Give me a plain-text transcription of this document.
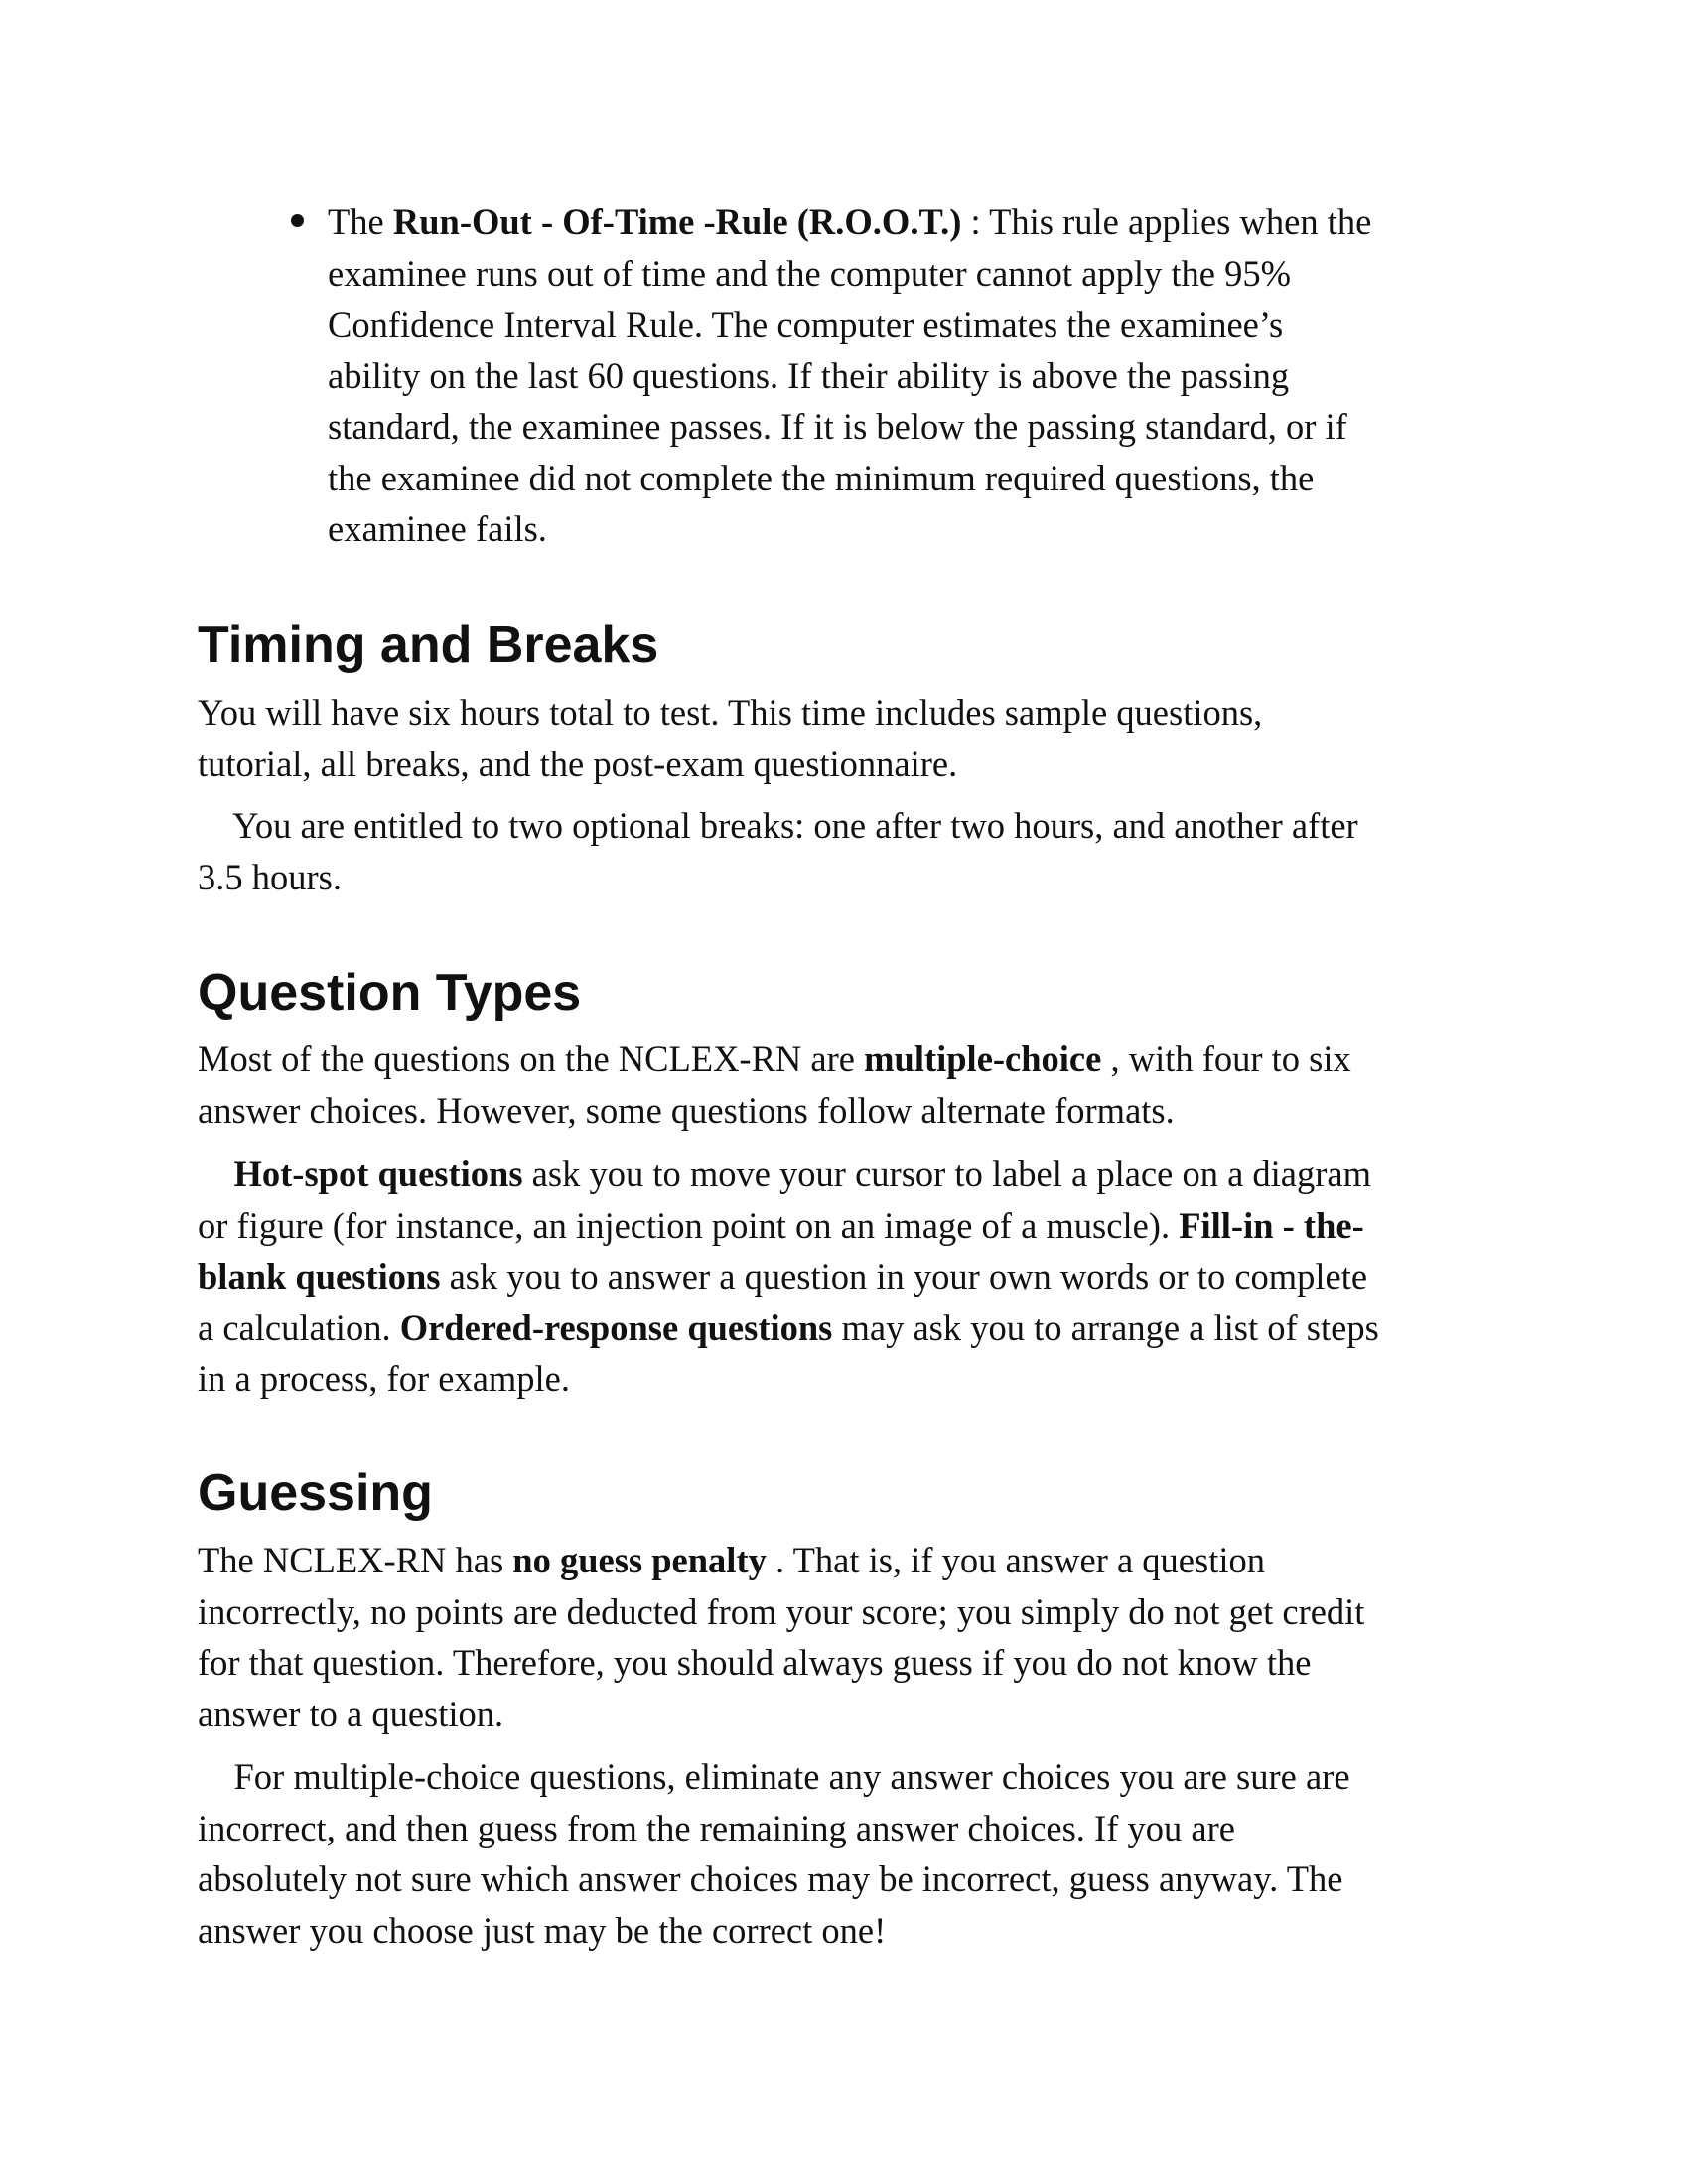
The Run-Out - Of-Time -Rule (R.O.O.T.) : This rule applies when the
examinee runs out of time and the computer cannot apply the 95%
Confidence Interval Rule. The computer estimates the examinee’s
ability on the last 60 questions. If their ability is above the passing
standard, the examinee passes. If it is below the passing standard, or if
the examinee did not complete the minimum required questions, the
examinee fails.
Timing and Breaks
You will have six hours total to test. This time includes sample questions,
tutorial, all breaks, and the post-exam questionnaire.
You are entitled to two optional breaks: one after two hours, and another after
3.5 hours.
Question Types
Most of the questions on the NCLEX-RN are multiple-choice , with four to six
answer choices. However, some questions follow alternate formats.
Hot-spot questions ask you to move your cursor to label a place on a diagram
or figure (for instance, an injection point on an image of a muscle). Fill-in - the-
blank questions ask you to answer a question in your own words or to complete
a calculation. Ordered-response questions may ask you to arrange a list of steps
in a process, for example.
Guessing
The NCLEX-RN has no guess penalty . That is, if you answer a question
incorrectly, no points are deducted from your score; you simply do not get credit
for that question. Therefore, you should always guess if you do not know the
answer to a question.
For multiple-choice questions, eliminate any answer choices you are sure are
incorrect, and then guess from the remaining answer choices. If you are
absolutely not sure which answer choices may be incorrect, guess anyway. The
answer you choose just may be the correct one!
